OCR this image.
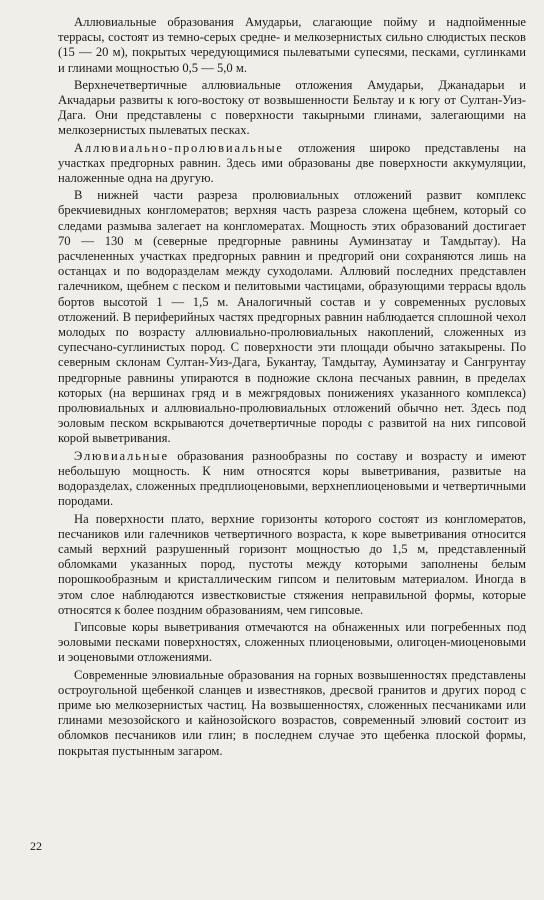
Аллювиальные образования Амударьи, слагающие пойму и надпойменные террасы, состоят из темно-серых средне- и мелкозернистых сильно слюдистых песков (15 — 20 м), покрытых чередующимися пылеватыми супесями, песками, суглинками и глинами мощностью 0,5 — 5,0 м.

Верхнечетвертичные аллювиальные отложения Амударьи, Джанадарьи и Акчадарьи развиты к юго-востоку от возвышенности Бельтау и к югу от Султан-Уиз-Дага. Они представлены с поверхности такырными глинами, залегающими на мелкозернистых пылеватых песках.

Аллювиально-пролювиальные отложения широко представлены на участках предгорных равнин. Здесь ими образованы две поверхности аккумуляции, наложенные одна на другую.

В нижней части разреза пролювиальных отложений развит комплекс брекчиевидных конгломератов; верхняя часть разреза сложена щебнем, который со следами размыва залегает на конгломератах. Мощность этих образований достигает 70 — 130 м (северные предгорные равнины Ауминзатау и Тамдытау). На расчлененных участках предгорных равнин и предгорий они сохраняются лишь на останцах и по водоразделам между суходолами. Аллювий последних представлен галечником, щебнем с песком и пелитовыми частицами, образующими террасы вдоль бортов высотой 1 — 1,5 м. Аналогичный состав и у современных русловых отложений. В периферийных частях предгорных равнин наблюдается сплошной чехол молодых по возрасту аллювиально-пролювиальных накоплений, сложенных из супесчано-суглинистых пород. С поверхности эти площади обычно затакырены. По северным склонам Султан-Уиз-Дага, Букантау, Тамдытау, Ауминзатау и Сангрунтау предгорные равнины упираются в подножие склона песчаных равнин, в пределах которых (на вершинах гряд и в межгрядовых понижениях указанного комплекса) пролювиальных и аллювиально-пролювиальных отложений обычно нет. Здесь под эоловым песком вскрываются дочетвертичные породы с развитой на них гипсовой корой выветривания.

Элювиальные образования разнообразны по составу и возрасту и имеют небольшую мощность. К ним относятся коры выветривания, развитые на водоразделах, сложенных предплиоценовыми, верхнеплиоценовыми и четвертичными породами.

На поверхности плато, верхние горизонты которого состоят из конгломератов, песчаников или галечников четвертичного возраста, к коре выветривания относится самый верхний разрушенный горизонт мощностью до 1,5 м, представленный обломками указанных пород, пустоты между которыми заполнены белым порошкообразным и кристаллическим гипсом и пелитовым материалом. Иногда в этом слое наблюдаются известковистые стяжения неправильной формы, которые относятся к более поздним образованиям, чем гипсовые.

Гипсовые коры выветривания отмечаются на обнаженных или погребенных под эоловыми песками поверхностях, сложенных плиоценовыми, олигоцен-миоценовыми и эоценовыми отложениями.

Современные элювиальные образования на горных возвышенностях представлены остроугольной щебенкой сланцев и известняков, дресвой гранитов и других пород с приме ью мелкозернистых частиц. На возвышенностях, сложенных песчаниками или глинами мезозойского и кайнозойского возрастов, современный элювий состоит из обломков песчаников или глин; в последнем случае это щебенка плоской формы, покрытая пустынным загаром.

22
